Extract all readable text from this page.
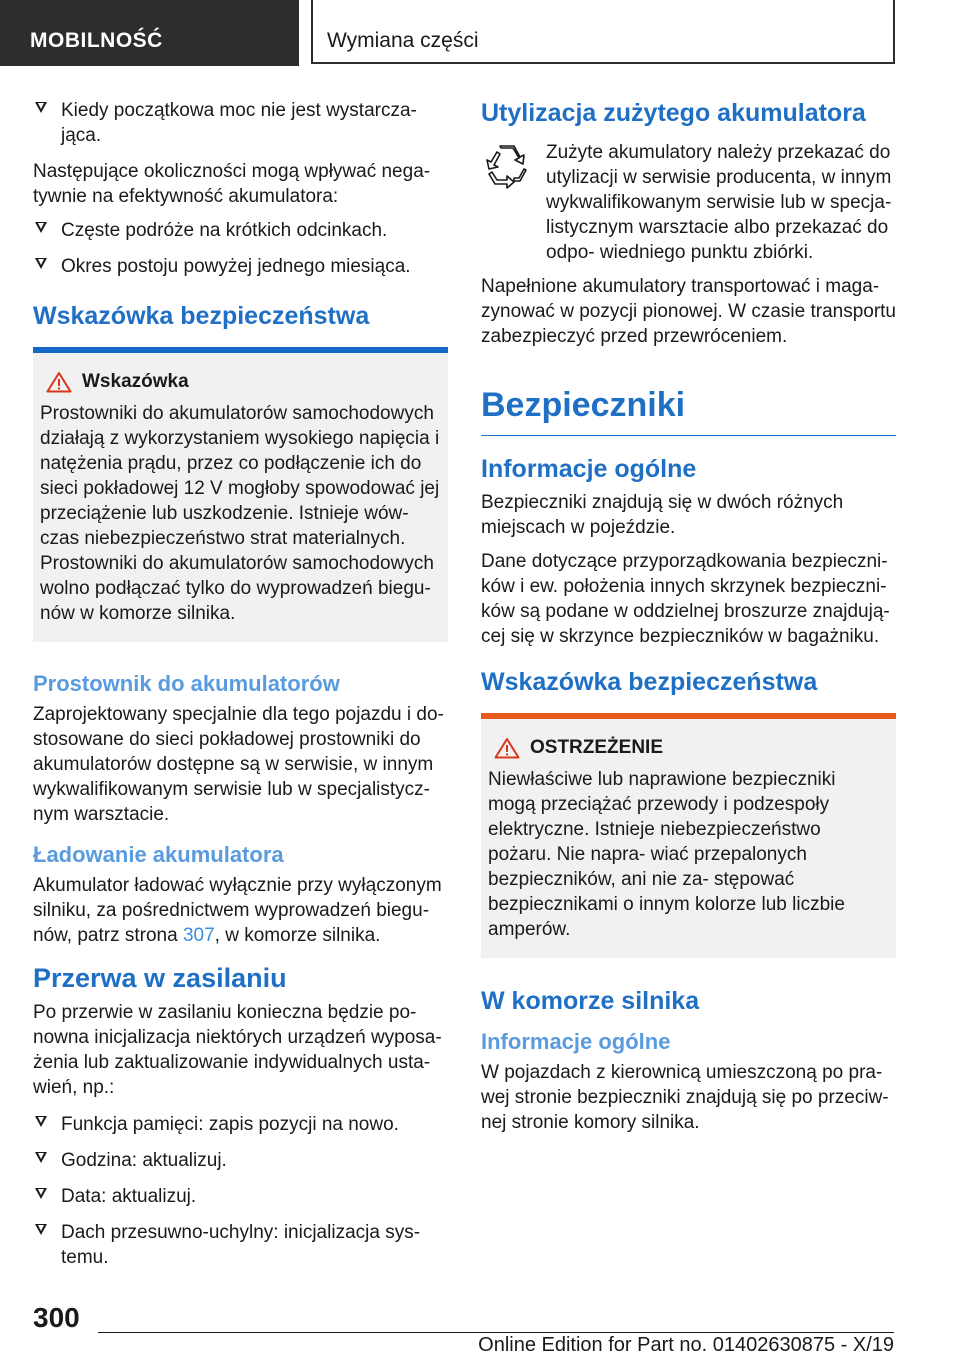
MOBILNOŚĆ	Wymiana części
Kiedy początkowa moc nie jest wystarcza‐ jąca.

Następujące okoliczności mogą wpływać nega‐ tywnie na efektywność akumulatora:

Częste podróże na krótkich odcinkach.
Okres postoju powyżej jednego miesiąca.
Wskazówka bezpieczeństwa
Wskazówka

Prostowniki do akumulatorów samochodowych działają z wykorzystaniem wysokiego napięcia i natężenia prądu, przez co podłączenie ich do sieci pokładowej 12 V mogłoby spowodować jej przeciążenie lub uszkodzenie. Istnieje wów‐ czas niebezpieczeństwo strat materialnych. Prostowniki do akumulatorów samochodowych wolno podłączać tylko do wyprowadzeń biegu‐ nów w komorze silnika.

Prostownik do akumulatorów

Zaprojektowany specjalnie dla tego pojazdu i do‐ stosowane do sieci pokładowej prostowniki do akumulatorów dostępne są w serwisie, w innym wykwalifikowanym serwisie lub w specjalistycz‐ nym warsztacie.

Ładowanie akumulatora

Akumulator ładować wyłącznie przy wyłączonym silniku, za pośrednictwem wyprowadzeń biegu‐ nów, patrz strona 307, w komorze silnika.

Przerwa w zasilaniu

Po przerwie w zasilaniu konieczna będzie po‐ nowna inicjalizacja niektórych urządzeń wyposa‐ żenia lub zaktualizowanie indywidualnych usta‐ wień, np.:

Funkcja pamięci: zapis pozycji na nowo.
Godzina: aktualizuj.
Data: aktualizuj.
Dach przesuwno-uchylny: inicjalizacja sys‐ temu.
Utylizacja zużytego akumulatora

Zużyte akumulatory należy przekazać do utylizacji w serwisie producenta, w innym wykwalifikowanym serwisie lub w specja‐ listycznym warsztacie albo przekazać do odpo‐ wiedniego punktu zbiórki.

Napełnione akumulatory transportować i maga‐ zynować w pozycji pionowej. W czasie transportu zabezpieczyć przed przewróceniem.

Bezpieczniki
Informacje ogólne

Bezpieczniki znajdują się w dwóch różnych miejscach w pojeździe.

Dane dotyczące przyporządkowania bezpieczni‐ ków i ew. położenia innych skrzynek bezpieczni‐ ków są podane w oddzielnej broszurze znajdują‐ cej się w skrzynce bezpieczników w bagażniku.

Wskazówka bezpieczeństwa
OSTRZEŻENIE

Niewłaściwe lub naprawione bezpieczniki mogą przeciążać przewody i podzespoły elektryczne. Istnieje niebezpieczeństwo pożaru. Nie napra‐ wiać przepalonych bezpieczników, ani nie za‐ stępować bezpiecznikami o innym kolorze lub liczbie amperów.

W komorze silnika
Informacje ogólne

W pojazdach z kierownicą umieszczoną po pra‐ wej stronie bezpieczniki znajdują się po przeciw‐ nej stronie komory silnika.

300
Online Edition for Part no. 01402630875 - X/19
